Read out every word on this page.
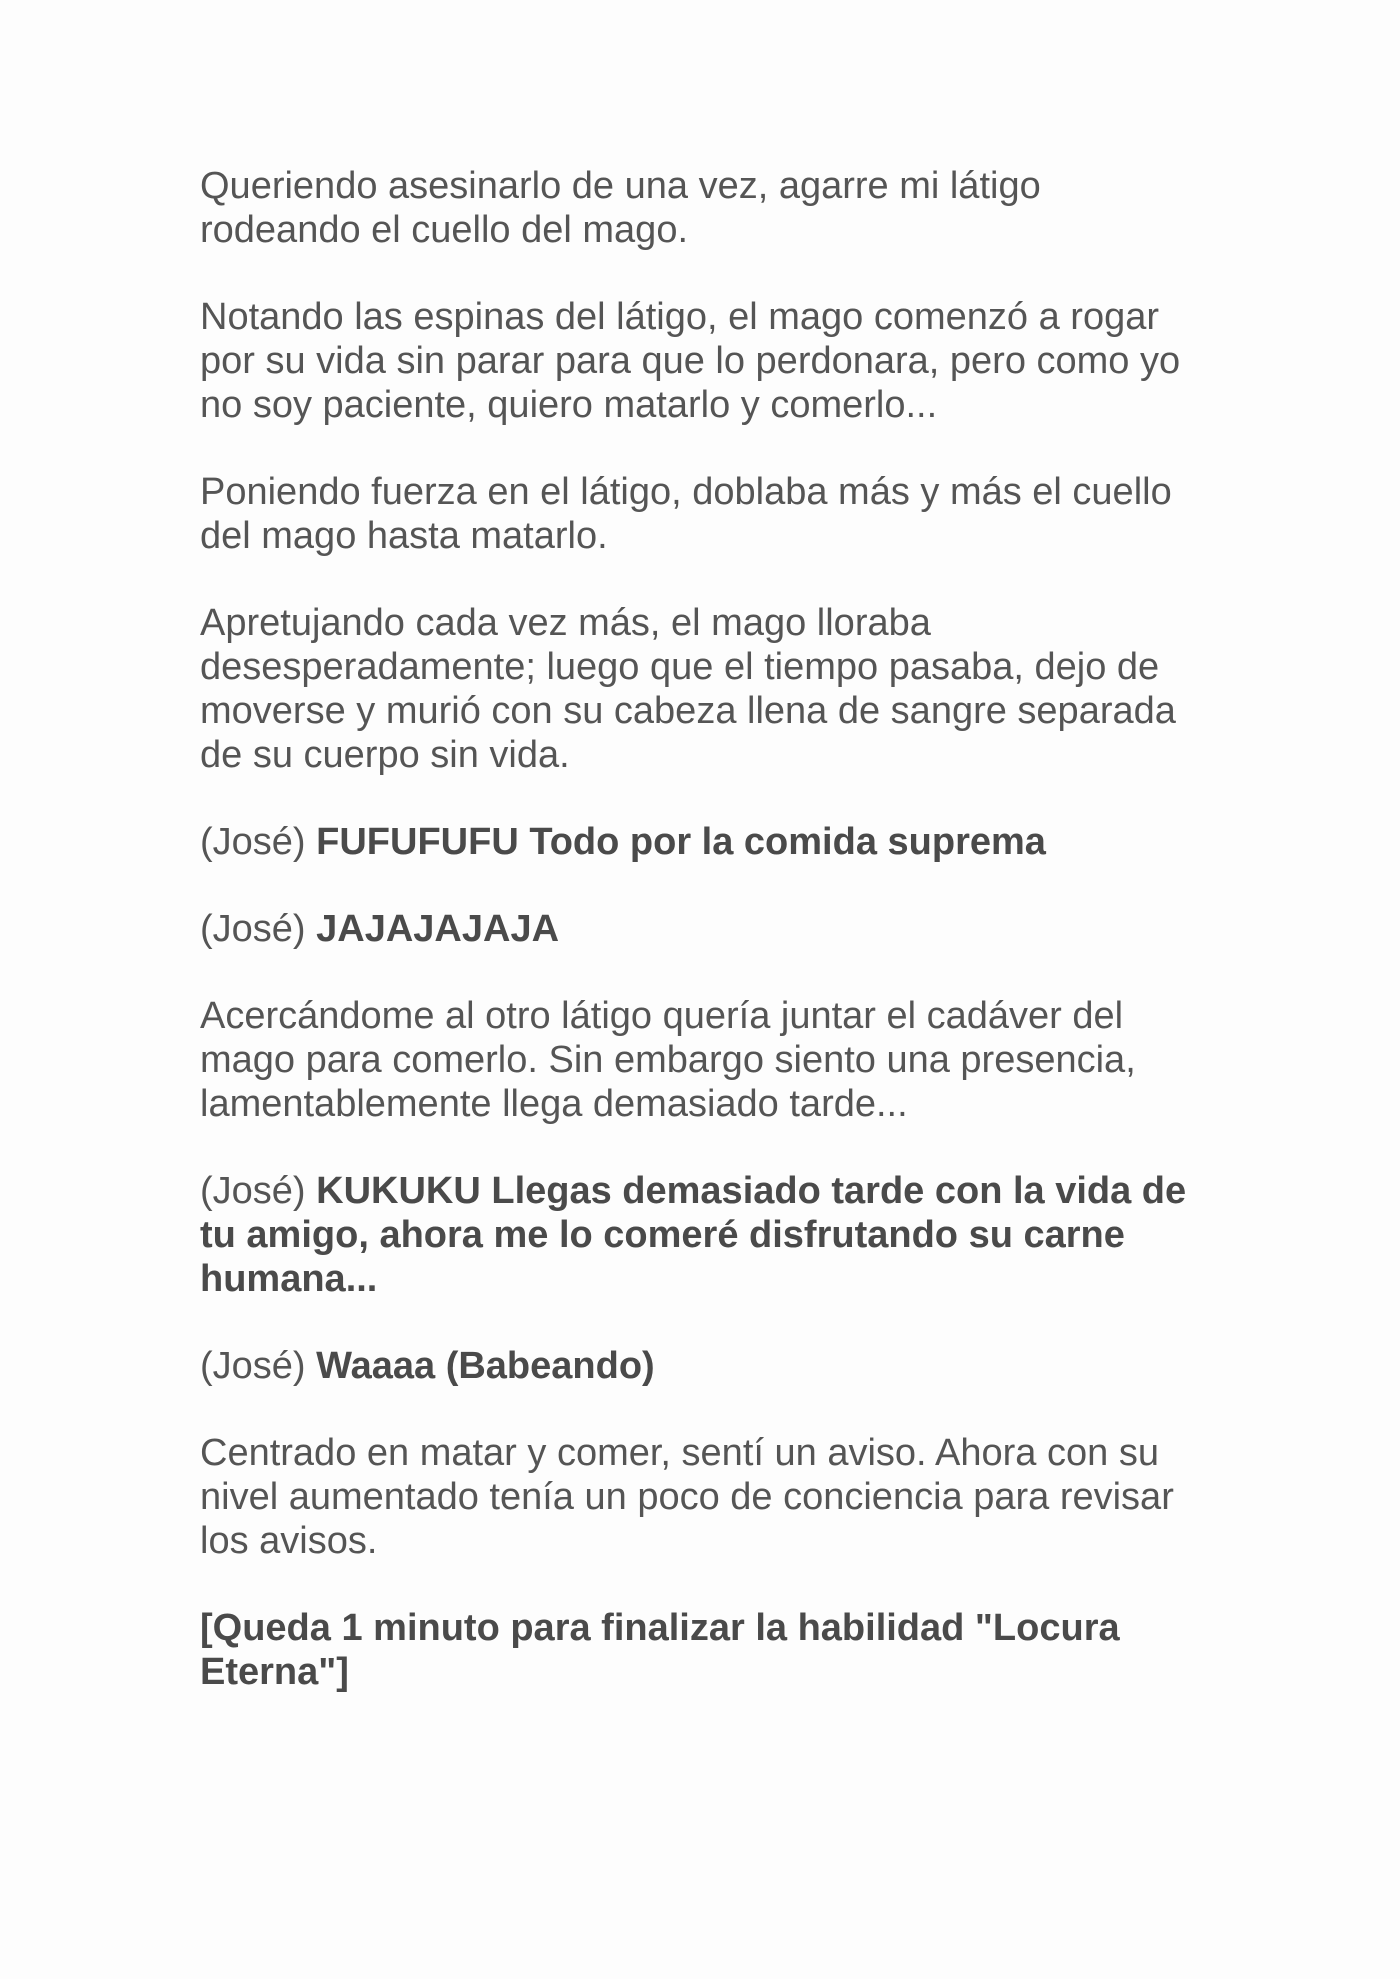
Queriendo asesinarlo de una vez, agarre mi látigo rodeando el cuello del mago.

Notando las espinas del látigo, el mago comenzó a rogar por su vida sin parar para que lo perdonara, pero como yo no soy paciente, quiero matarlo y comerlo...

Poniendo fuerza en el látigo, doblaba más y más el cuello del mago hasta matarlo.

Apretujando cada vez más, el mago lloraba desesperadamente; luego que el tiempo pasaba, dejo de moverse y murió con su cabeza llena de sangre separada de su cuerpo sin vida.

(José) FUFUFUFU Todo por la comida suprema

(José) JAJAJAJAJA

Acercándome al otro látigo quería juntar el cadáver del mago para comerlo. Sin embargo siento una presencia, lamentablemente llega demasiado tarde...

(José) KUKUKU Llegas demasiado tarde con la vida de tu amigo, ahora me lo comeré disfrutando su carne humana...

(José) Waaaa (Babeando)

Centrado en matar y comer, sentí un aviso. Ahora con su nivel aumentado tenía un poco de conciencia para revisar los avisos.

[Queda 1 minuto para finalizar la habilidad "Locura Eterna"]
